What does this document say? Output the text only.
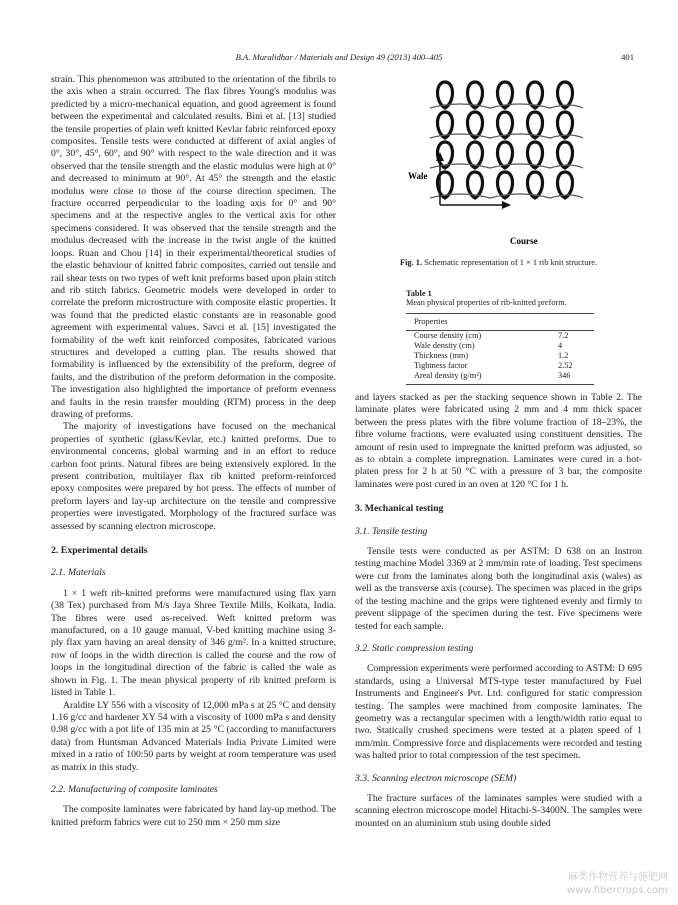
B.A. Muralidhar / Materials and Design 49 (2013) 400–405	401

strain. This phenomenon was attributed to the orientation of the fibrils to the axis when a strain occurred. The flax fibres Young's modulus was predicted by a micro-mechanical equation, and good agreement is found between the experimental and calculated results. Bini et al. [13] studied the tensile properties of plain weft knitted Kevlar fabric reinforced epoxy composites. Tensile tests were conducted at different of axial angles of 0°, 30°, 45°, 60°, and 90° with respect to the wale direction and it was observed that the tensile strength and the elastic modulus were high at 0° and decreased to minimum at 90°. At 45° the strength and the elastic modulus were close to those of the course direction specimen. The fracture occurred perpendicular to the loading axis for 0° and 90° specimens and at the respective angles to the vertical axis for other specimens considered. It was observed that the tensile strength and the modulus decreased with the increase in the twist angle of the knitted loops. Ruan and Chou [14] in their experimental/theoretical studies of the elastic behaviour of knitted fabric composites, carried out tensile and rail shear tests on two types of weft knit preforms based upon plain stitch and rib stitch fabrics. Geometric models were developed in order to correlate the preform microstructure with composite elastic properties. It was found that the predicted elastic constants are in reasonable good agreement with experimental values. Savci et al. [15] investigated the formability of the weft knit reinforced composites, fabricated various structures and developed a cutting plan. The results showed that formability is influenced by the extensibility of the preform, degree of faults, and the distribution of the preform deformation in the composite. The investigation also highlighted the importance of preform evenness and faults in the resin transfer moulding (RTM) process in the deep drawing of preforms.

The majority of investigations have focused on the mechanical properties of synthetic (glass/Kevlar, etc.) knitted preforms. Due to environmental concerns, global warming and in an effort to reduce carbon foot prints. Natural fibres are being extensively explored. In the present contribution, multilayer flax rib knitted preform-reinforced epoxy composites were prepared by hot press. The effects of number of preform layers and lay-up architecture on the tensile and compressive properties were investigated. Morphology of the fractured surface was assessed by scanning electron microscope.

2. Experimental details
2.1. Materials

1 × 1 weft rib-knitted preforms were manufactured using flax yarn (38 Tex) purchased from M/s Jaya Shree Textile Mills, Kolkata, India. The fibres were used as-received. Weft knitted preform was manufactured, on a 10 gauge manual, V-bed knitting machine using 3-ply flax yarn having an areal density of 346 g/m². In a knitted structure, row of loops in the width direction is called the course and the row of loops in the longitudinal direction of the fabric is called the wale as shown in Fig. 1. The mean physical property of rib knitted preform is listed in Table 1.

Araldite LY 556 with a viscosity of 12,000 mPa s at 25 °C and density 1.16 g/cc and hardener XY 54 with a viscosity of 1000 mPa s and density 0.98 g/cc with a pot life of 135 min at 25 °C (according to manufacturers data) from Huntsman Advanced Materials India Private Limited were mixed in a ratio of 100:50 parts by weight at room temperature was used as matrix in this study.

2.2. Manufacturing of composite laminates

The composite laminates were fabricated by hand lay-up method. The knitted preform fabrics were cut to 250 mm × 250 mm size

Wale
Course
Fig. 1. Schematic representation of 1 × 1 rib knit structure.
Table 1
Mean physical properties of rib-knitted preform.
Properties	
Course density (cm)	7.2
Wale density (cm)	4
Thickness (mm)	1.2
Tightness factor	2.52
Areal density (g/m²)	346

and layers stacked as per the stacking sequence shown in Table 2. The laminate plates were fabricated using 2 mm and 4 mm thick spacer between the press plates with the fibre volume fraction of 18–23%, the fibre volume fractions, were evaluated using constituent densities. The amount of resin used to impregnate the knitted preform was adjusted, so as to obtain a complete impregnation. Laminates were cured in a hot-platen press for 2 h at 50 °C with a pressure of 3 bar, the composite laminates were post cured in an oven at 120 °C for 1 h.

3. Mechanical testing
3.1. Tensile testing

Tensile tests were conducted as per ASTM: D 638 on an Instron testing machine Model 3369 at 2 mm/min rate of loading. Test specimens were cut from the laminates along both the longitudinal axis (wales) as well as the transverse axis (course). The specimen was placed in the grips of the testing machine and the grips were tightened evenly and firmly to prevent slippage of the specimen during the test. Five specimens were tested for each sample.

3.2. Static compression testing

Compression experiments were performed according to ASTM: D 695 standards, using a Universal MTS-type tester manufactured by Fuel Instruments and Engineer's Pvt. Ltd. configured for static compression testing. The samples were machined from composite laminates. The geometry was a rectangular specimen with a length/width ratio equal to two. Statically crushed specimens were tested at a platen speed of 1 mm/min. Compressive force and displacements were recorded and testing was halted prior to total compression of the test specimen.

3.3. Scanning electron microscope (SEM)

The fracture surfaces of the laminates samples were studied with a scanning electron microscope model Hitachi-S-3400N. The samples were mounted on an aluminium stub using double sided

麻类作物营养与施肥网
www.fibercrops.com
